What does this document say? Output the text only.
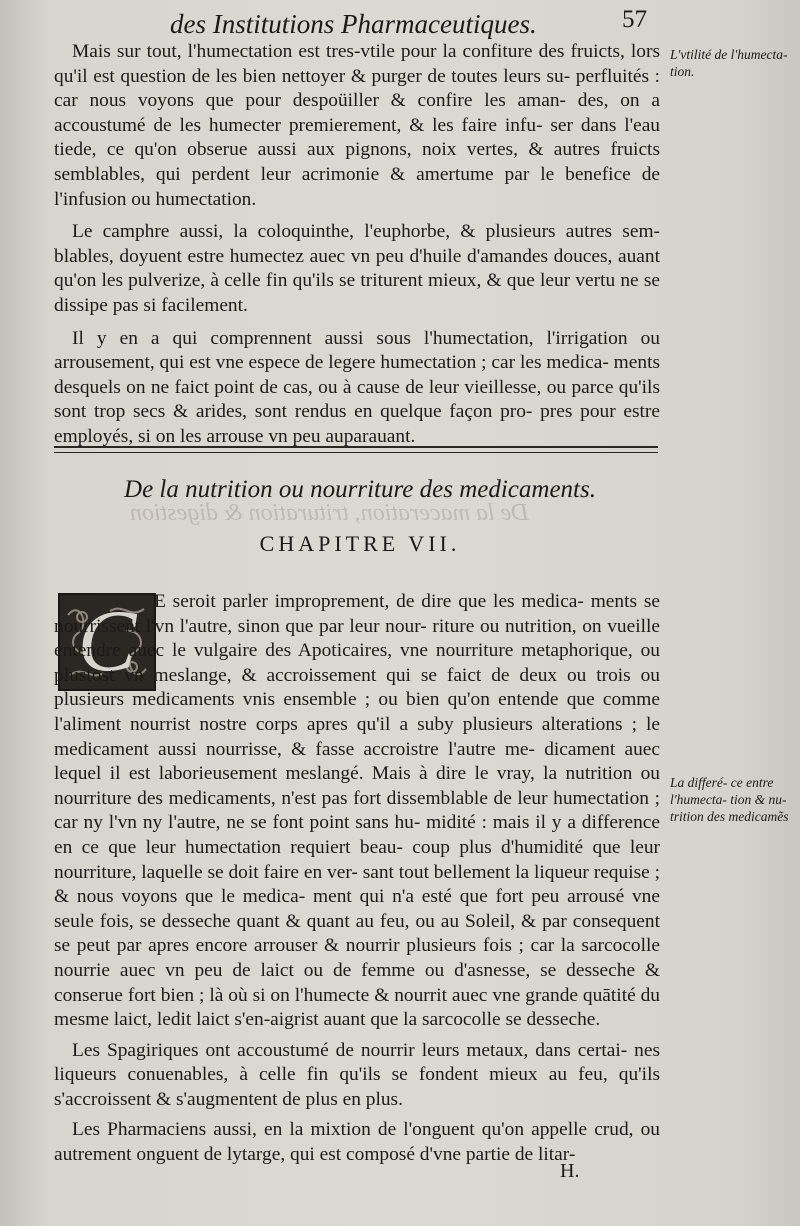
De la maceration, trituration & digestion
des Institutions Pharmaceutiques.	57

Mais sur tout, l'humectation est tres-vtile pour la confiture des fruicts, lors qu'il est question de les bien nettoyer & purger de toutes leurs su- perfluités : car nous voyons que pour despoüiller & confire les aman- des, on a accoustumé de les humecter premierement, & les faire infu- ser dans l'eau tiede, ce qu'on obserue aussi aux pignons, noix vertes, & autres fruicts semblables, qui perdent leur acrimonie & amertume par le benefice de l'infusion ou humectation.

Le camphre aussi, la coloquinthe, l'euphorbe, & plusieurs autres sem- blables, doyuent estre humectez auec vn peu d'huile d'amandes douces, auant qu'on les pulverize, à celle fin qu'ils se triturent mieux, & que leur vertu ne se dissipe pas si facilement.

Il y en a qui comprennent aussi sous l'humectation, l'irrigation ou arrousement, qui est vne espece de legere humectation ; car les medica- ments desquels on ne faict point de cas, ou à cause de leur vieillesse, ou parce qu'ils sont trop secs & arides, sont rendus en quelque façon pro- pres pour estre employés, si on les arrouse vn peu auparauant.

L'vtilité de l'humecta- tion.
De la nutrition ou nourriture des medicaments.
CHAPITRE VII.
C E seroit parler improprement, de dire que les medica- ments se nourrissent l'vn l'autre, sinon que par leur nour- riture ou nutrition, on vueille entendre auec le vulgaire des Apoticaires, vne nourriture metaphorique, ou plustost vn meslange, & accroissement qui se faict de deux ou trois ou plusieurs medicaments vnis ensemble ; ou bien qu'on entende que comme l'aliment nourrist nostre corps apres qu'il a suby plusieurs alterations ; le medicament aussi nourrisse, & fasse accroistre l'autre me- dicament auec lequel il est laborieusement meslangé. Mais à dire le vray, la nutrition ou nourriture des medicaments, n'est pas fort dissemblable de leur humectation ; car ny l'vn ny l'autre, ne se font point sans hu- midité : mais il y a difference en ce que leur humectation requiert beau- coup plus d'humidité que leur nourriture, laquelle se doit faire en ver- sant tout bellement la liqueur requise ; & nous voyons que le medica- ment qui n'a esté que fort peu arrousé vne seule fois, se desseche quant & quant au feu, ou au Soleil, & par consequent se peut par apres encore arrouser & nourrir plusieurs fois ; car la sarcocolle nourrie auec vn peu de laict ou de femme ou d'asnesse, se desseche & conserue fort bien ; là où si on l'humecte & nourrit auec vne grande quātité du mesme laict, ledit laict s'en-aigrist auant que la sarcocolle se desseche.

Les Spagiriques ont accoustumé de nourrir leurs metaux, dans certai- nes liqueurs conuenables, à celle fin qu'ils se fondent mieux au feu, qu'ils s'accroissent & s'augmentent de plus en plus.

Les Pharmaciens aussi, en la mixtion de l'onguent qu'on appelle crud, ou autrement onguent de lytarge, qui est composé d'vne partie de litar-

La differé- ce entre l'humecta- tion & nu- trition des medicamẽs
H.
